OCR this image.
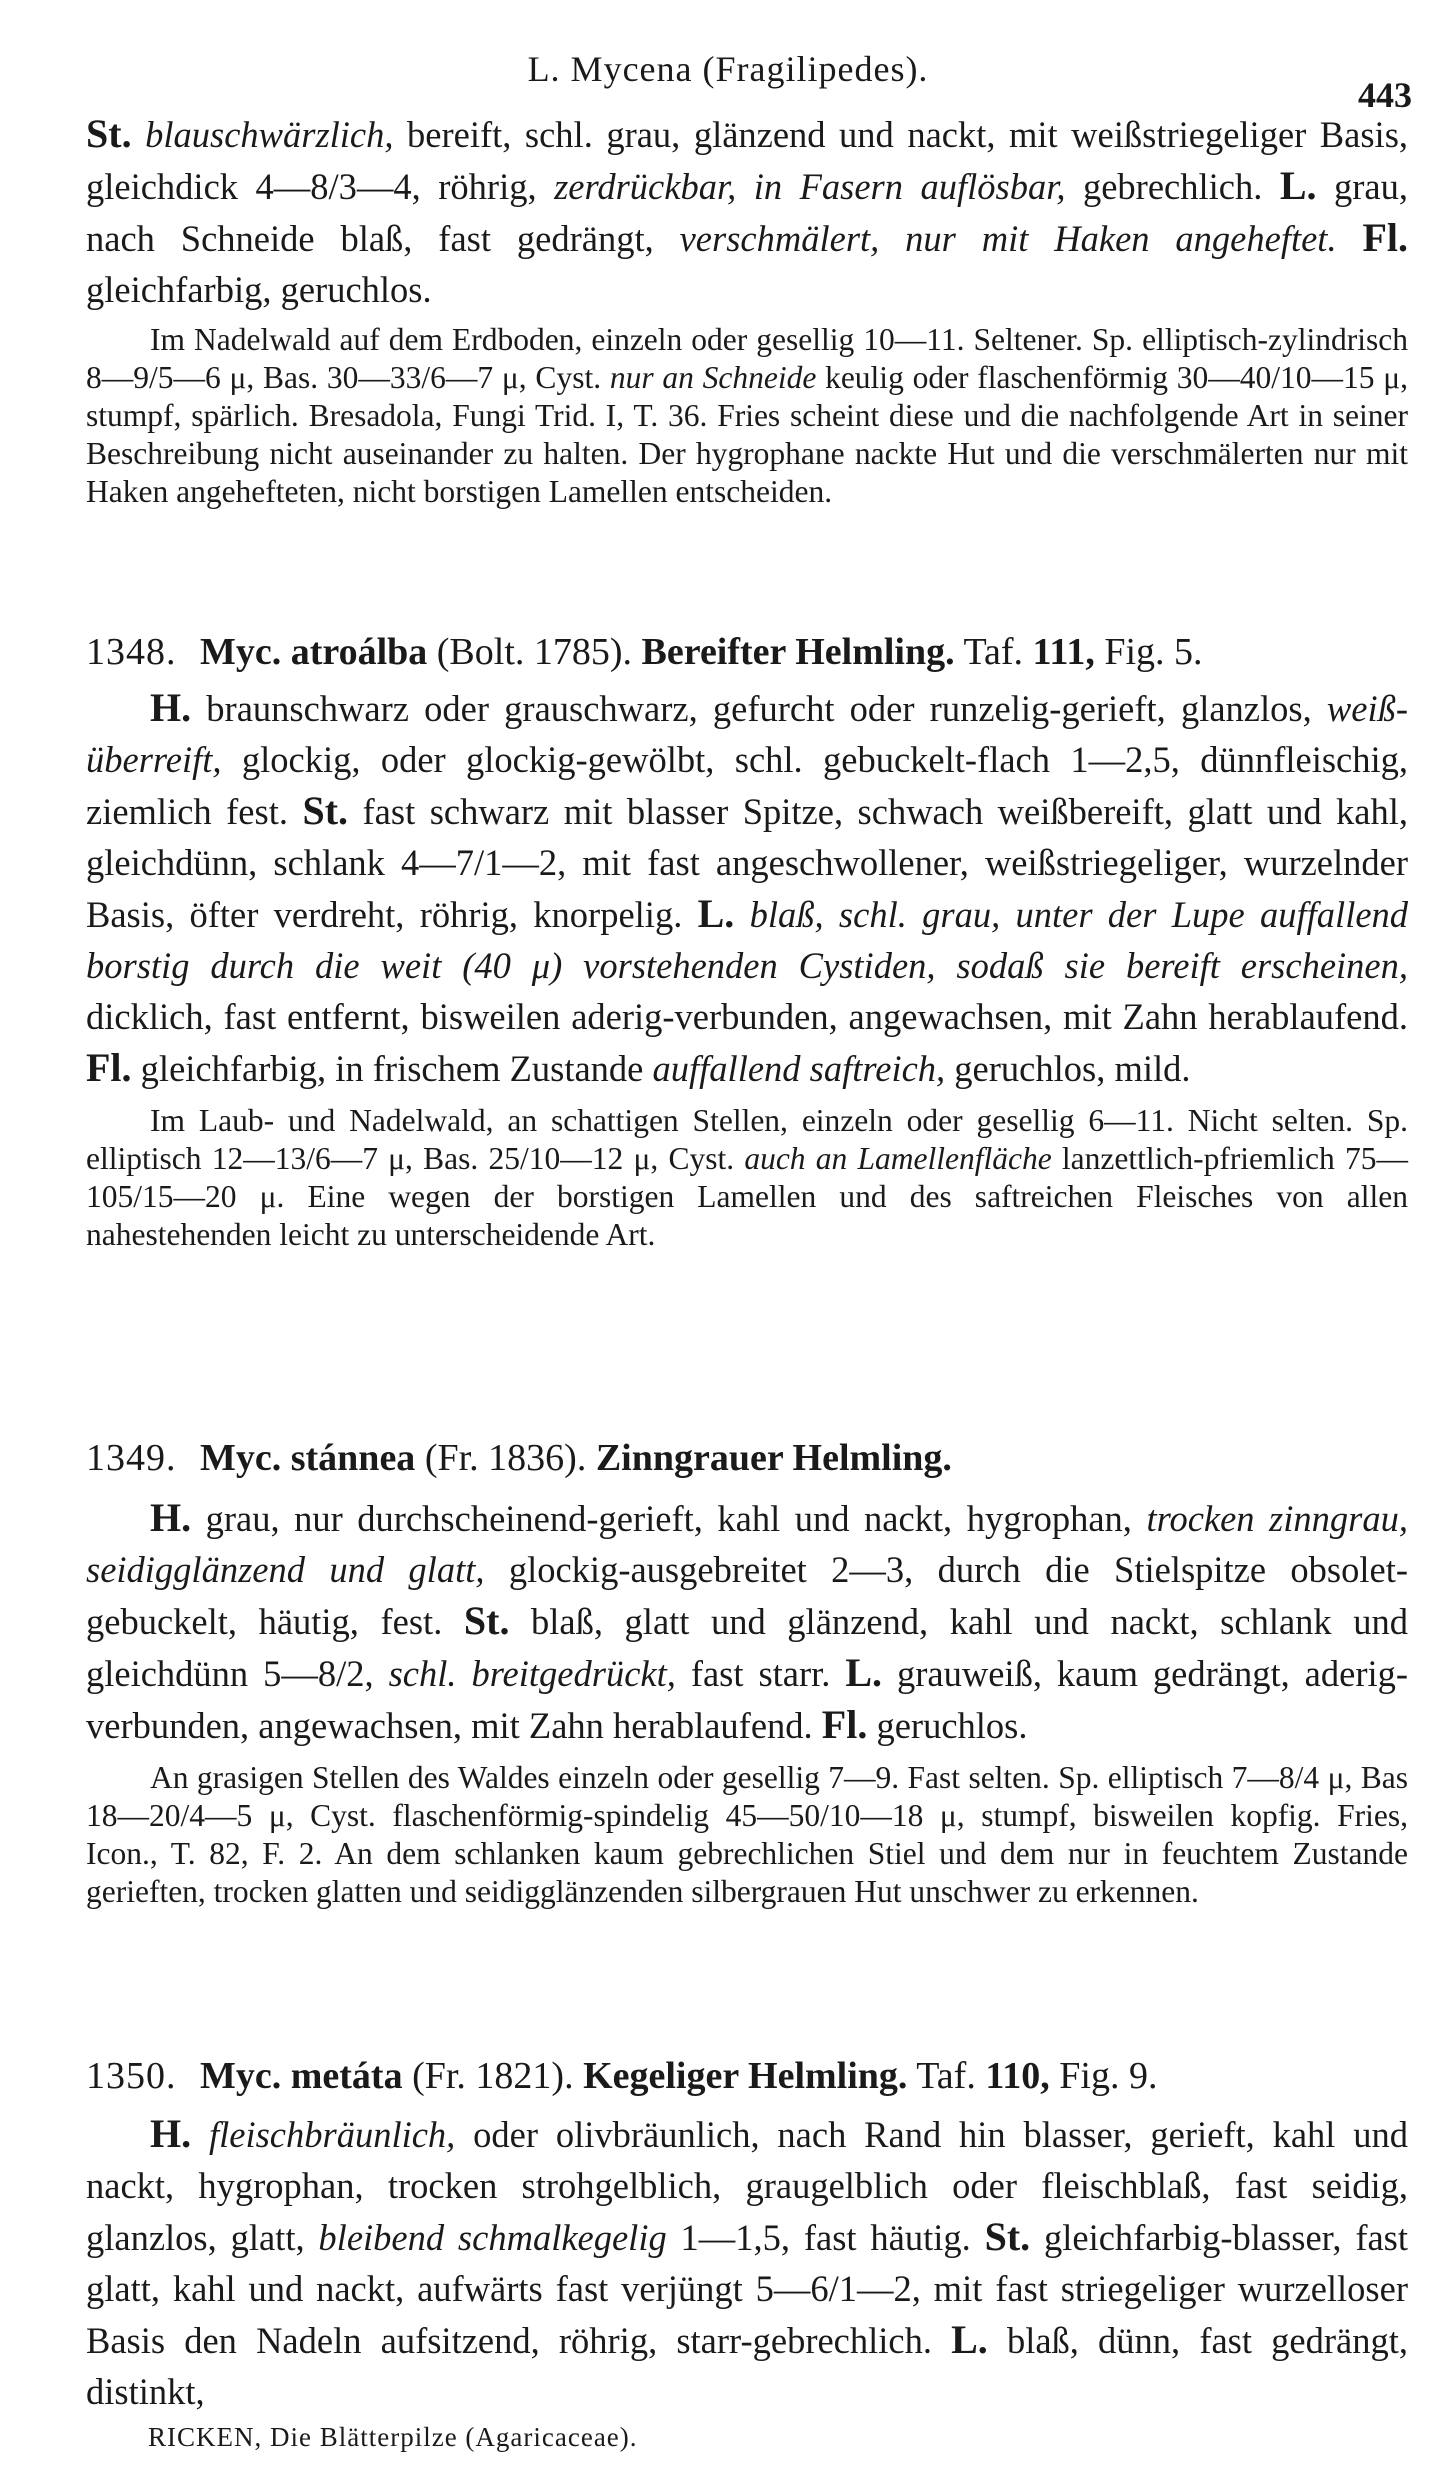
L. Mycena (Fragilipedes).
443

St. blauschwärzlich, bereift, schl. grau, glänzend und nackt, mit weißstriegeliger Basis, gleichdick 4—8/3—4, röhrig, zerdrückbar, in Fasern auflösbar, gebrechlich. L. grau, nach Schneide blaß, fast gedrängt, verschmälert, nur mit Haken angeheftet. Fl. gleichfarbig, geruchlos.

Im Nadelwald auf dem Erdboden, einzeln oder gesellig 10—11. Seltener. Sp. elliptisch-zylindrisch 8—9/5—6 μ, Bas. 30—33/6—7 μ, Cyst. nur an Schneide keulig oder flaschenförmig 30—40/10—15 μ, stumpf, spärlich. Bresadola, Fungi Trid. I, T. 36. Fries scheint diese und die nachfolgende Art in seiner Beschreibung nicht auseinander zu halten. Der hygrophane nackte Hut und die verschmälerten nur mit Haken angehefteten, nicht borstigen Lamellen entscheiden.

1348. Myc. atroálba (Bolt. 1785). Bereifter Helmling. Taf. 111, Fig. 5.

H. braunschwarz oder grauschwarz, gefurcht oder runzelig-gerieft, glanzlos, weiß-überreift, glockig, oder glockig-gewölbt, schl. gebuckelt-flach 1—2,5, dünnfleischig, ziemlich fest. St. fast schwarz mit blasser Spitze, schwach weißbereift, glatt und kahl, gleichdünn, schlank 4—7/1—2, mit fast angeschwollener, weißstriegeliger, wurzelnder Basis, öfter verdreht, röhrig, knorpelig. L. blaß, schl. grau, unter der Lupe auffallend borstig durch die weit (40 μ) vorstehenden Cystiden, sodaß sie bereift erscheinen, dicklich, fast entfernt, bisweilen aderig-verbunden, angewachsen, mit Zahn herablaufend. Fl. gleichfarbig, in frischem Zustande auffallend saftreich, geruchlos, mild.

Im Laub- und Nadelwald, an schattigen Stellen, einzeln oder gesellig 6—11. Nicht selten. Sp. elliptisch 12—13/6—7 μ, Bas. 25/10—12 μ, Cyst. auch an Lamellenfläche lanzettlich-pfriemlich 75—105/15—20 μ. Eine wegen der borstigen Lamellen und des saftreichen Fleisches von allen nahestehenden leicht zu unterscheidende Art.

1349. Myc. stánnea (Fr. 1836). Zinngrauer Helmling.

H. grau, nur durchscheinend-gerieft, kahl und nackt, hygrophan, trocken zinngrau, seidigglänzend und glatt, glockig-ausgebreitet 2—3, durch die Stielspitze obsolet-gebuckelt, häutig, fest. St. blaß, glatt und glänzend, kahl und nackt, schlank und gleichdünn 5—8/2, schl. breitgedrückt, fast starr. L. grauweiß, kaum gedrängt, aderig-verbunden, angewachsen, mit Zahn herablaufend. Fl. geruchlos.

An grasigen Stellen des Waldes einzeln oder gesellig 7—9. Fast selten. Sp. elliptisch 7—8/4 μ, Bas 18—20/4—5 μ, Cyst. flaschenförmig-spindelig 45—50/10—18 μ, stumpf, bisweilen kopfig. Fries, Icon., T. 82, F. 2. An dem schlanken kaum gebrechlichen Stiel und dem nur in feuchtem Zustande gerieften, trocken glatten und seidigglänzenden silbergrauen Hut unschwer zu erkennen.

1350. Myc. metáta (Fr. 1821). Kegeliger Helmling. Taf. 110, Fig. 9.

H. fleischbräunlich, oder olivbräunlich, nach Rand hin blasser, gerieft, kahl und nackt, hygrophan, trocken strohgelblich, graugelblich oder fleischblaß, fast seidig, glanzlos, glatt, bleibend schmalkegelig 1—1,5, fast häutig. St. gleichfarbig-blasser, fast glatt, kahl und nackt, aufwärts fast verjüngt 5—6/1—2, mit fast striegeliger wurzelloser Basis den Nadeln aufsitzend, röhrig, starr-gebrechlich. L. blaß, dünn, fast gedrängt, distinkt,

RICKEN, Die Blätterpilze (Agaricaceae).
